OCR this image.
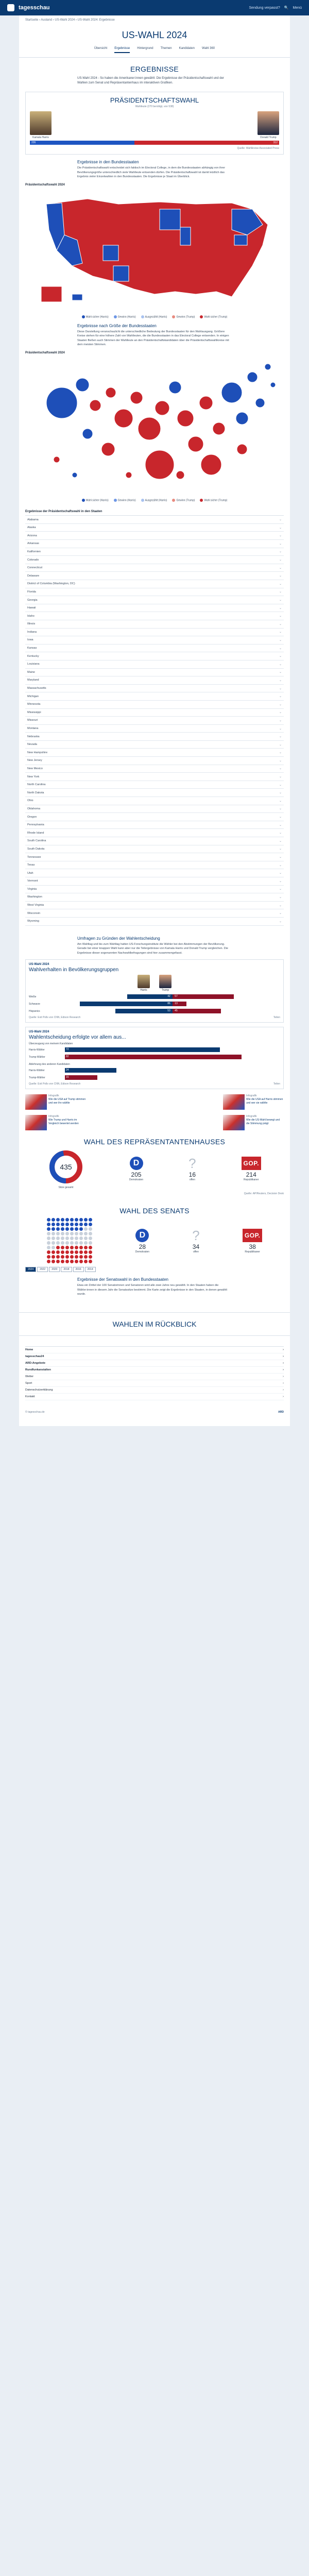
tagesschau	Sendung verpasst? 🔍 Menü
Startseite › Ausland › US-Wahl 2024 › US-Wahl 2024: Ergebnisse
US-WAHL 2024
Übersicht Ergebnisse Hintergrund Themen Kandidaten Wahl 360
ERGEBNISSE
US-Wahl 2024 - So haben die Amerikaner:innen gewählt: Die Ergebnisse der Präsidentschaftswahl und der Wahlen zum Senat und Repräsentantenhaus im interaktiven Grafiken.
PRÄSIDENTSCHAFTSWAHL
Wahlleute (270 benötigt, von 538)
Kamala Harris	Donald Trump
226	312
Quelle: Wahlkreise Associated Press
Ergebnisse in den Bundesstaaten
Die Präsidentschaftswahl entscheidet sich faktisch im Electoral College, in dem die Bundesstaaten abhängig von ihrer Bevölkerungsgröße unterschiedlich viele Wahlleute entsenden dürfen. Die Präsidentschaftswahl ist damit letztlich das Ergebnis vieler Einzelwahlen in den Bundesstaaten. Die Ergebnisse je Staat im Überblick.
Präsidentschaftswahl 2024
Wahl sicher (Harris)	Gewinn (Harris)	Ausgezählt (Harris)	Gewinn (Trump)	Wahl sicher (Trump)
Ergebnisse nach Größe der Bundesstaaten
Diese Darstellung veranschaulicht die unterschiedliche Bedeutung der Bundesstaaten für den Wahlausgang. Größere Kreise stehen für eine höhere Zahl von Wahlleuten, die die Bundesstaaten in das Electoral College entsenden. In einigen Staaten fließen auch Stimmen der Wahlleute an den Präsidentschaftskandidaten über die Präsidentschaftswahlkreise mit dem meisten Stimmen.
Präsidentschaftswahl 2024
Wahl sicher (Harris)	Gewinn (Harris)	Ausgezählt (Harris)	Gewinn (Trump)	Wahl sicher (Trump)
Ergebnisse der Präsidentschaftswahl in den Staaten
Alabama	⌄
Alaska	⌄
Arizona	⌄
Arkansas	⌄
Kalifornien	⌄
Colorado	⌄
Connecticut	⌄
Delaware	⌄
District of Columbia (Washington, DC)	⌄
Florida	⌄
Georgia	⌄
Hawaii	⌄
Idaho	⌄
Illinois	⌄
Indiana	⌄
Iowa	⌄
Kansas	⌄
Kentucky	⌄
Louisiana	⌄
Maine	⌄
Maryland	⌄
Massachusetts	⌄
Michigan	⌄
Minnesota	⌄
Mississippi	⌄
Missouri	⌄
Montana	⌄
Nebraska	⌄
Nevada	⌄
New Hampshire	⌄
New Jersey	⌄
New Mexico	⌄
New York	⌄
North Carolina	⌄
North Dakota	⌄
Ohio	⌄
Oklahoma	⌄
Oregon	⌄
Pennsylvania	⌄
Rhode Island	⌄
South Carolina	⌄
South Dakota	⌄
Tennessee	⌄
Texas	⌄
Utah	⌄
Vermont	⌄
Virginia	⌄
Washington	⌄
West Virginia	⌄
Wisconsin	⌄
Wyoming	⌄
Umfragen zu Gründen der Wahlentscheidung
Am Wahltag und bis zum Wahltag hatten US-Forschungsinstitute die Wähler bei den Abstimmungen der Bevölkerung. Gerade bei einer knappen Wahl kann aber nur die Teilergebnisse von Kamala Harris und Donald Trump vergleichen. Die Ergebnisse dieser sogenannten Nachwahlbefragungen sind hier zusammengefasst.
US-Wahl 2024
Wahlverhalten in Bevölkerungsgruppen
Harris	Trump
Weiße	42 57
Schwarze	86 13
Hispanics	53 45
Quelle: Exit Polls von CNN, Edison Research	Teilen
US-Wahl 2024
Wahlentscheidung erfolgte vor allem aus...
Überzeugung von meinem Kandidaten
Harris-Wähler	72
Trump-Wähler	82
Ablehnung des anderen Kandidaten
Harris-Wähler	24
Trump-Wähler	15
Quelle: Exit Polls von CNN, Edison Research	Teilen
Infografik
Wie die USA auf Trump stimmen und wer ihn wählte
Infografik
Wie die USA auf Harris stimmen und wer sie wählte
Infografik
Wie Trump und Harris im Vergleich bewertet werden
Infografik
Wie die US-Wahl bewegt und die Stimmung prägt
WAHL DES REPRÄSENTANTENHAUSES
435
Sitze gesamt
D
205
Demokraten
?
16
offen
GOP.
214
Republikaner
Quelle: AP/Reuters, Decision Desk
WAHL DES SENATS
D
28
Demokraten
?
34
offen
GOP.
38
Republikaner
2024	2022	2020	2018	2016	2014
Ergebnisse der Senatswahl in den Bundesstaaten
Etwa ein Drittel der 100 Senatorinnen und Senatoren wird alle zwei Jahre neu gewählt. In den Staaten haben die Wähler:innen in diesem Jahr die Senatssitze bestimmt. Die Karte zeigt die Ergebnisse in den Staaten, in denen gewählt wurde.
WAHLEN IM RÜCKBLICK
Home	›
tagesschau24	›
ARD-Angebote	›
Rundfunkanstalten	›
Wetter	›
Sport	›
Datenschutzerklärung	›
Kontakt	›
© tagesschau.de	ARD
